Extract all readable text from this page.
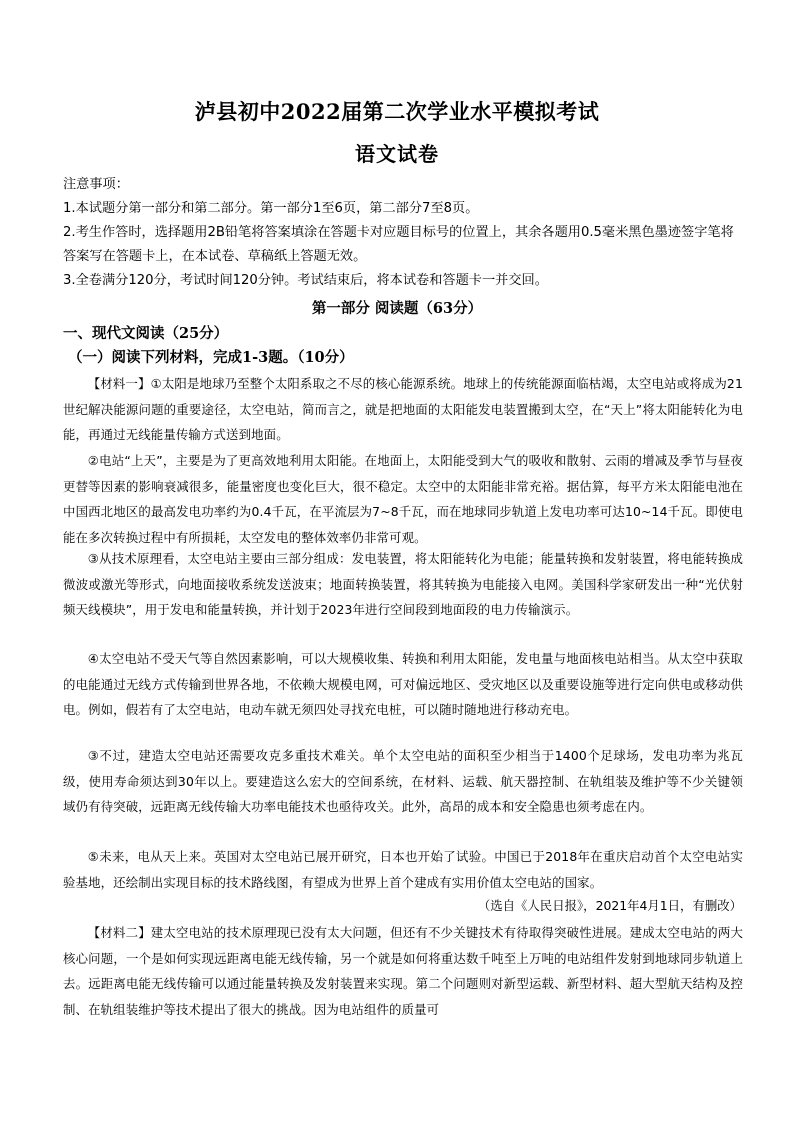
泸县初中2022届第二次学业水平模拟考试
语文试卷

注意事项：

1.本试题分第一部分和第二部分。第一部分1至6页，第二部分7至8页。

2.考生作答时，选择题用2B铅笔将答案填涂在答题卡对应题目标号的位置上，其余各题用0.5毫米黑色墨迹签字笔将答案写在答题卡上，在本试卷、草稿纸上答题无效。

3.全卷满分120分，考试时间120分钟。考试结束后，将本试卷和答题卡一并交回。

第一部分 阅读题（63分）

一、现代文阅读（25分）

（一）阅读下列材料，完成1-3题。（10分）

【材料一】①太阳是地球乃至整个太阳系取之不尽的核心能源系统。地球上的传统能源面临枯竭，太空电站或将成为21世纪解决能源问题的重要途径，太空电站，简而言之，就是把地面的太阳能发电装置搬到太空，在“天上”将太阳能转化为电能，再通过无线能量传输方式送到地面。

②电站“上天”，主要是为了更高效地利用太阳能。在地面上，太阳能受到大气的吸收和散射、云雨的增减及季节与昼夜更替等因素的影响衰减很多，能量密度也变化巨大，很不稳定。太空中的太阳能非常充裕。据估算，每平方米太阳能电池在中国西北地区的最高发电功率约为0.4千瓦，在平流层为7~8千瓦，而在地球同步轨道上发电功率可达10~14千瓦。即使电能在多次转换过程中有所损耗，太空发电的整体效率仍非常可观。

③从技术原理看，太空电站主要由三部分组成：发电装置，将太阳能转化为电能；能量转换和发射装置，将电能转换成微波或激光等形式，向地面接收系统发送波束；地面转换装置，将其转换为电能接入电网。美国科学家研发出一种“光伏射频天线模块”，用于发电和能量转换，并计划于2023年进行空间段到地面段的电力传输演示。

④太空电站不受天气等自然因素影响，可以大规模收集、转换和利用太阳能，发电量与地面核电站相当。从太空中获取的电能通过无线方式传输到世界各地，不依赖大规模电网，可对偏远地区、受灾地区以及重要设施等进行定向供电或移动供电。例如，假若有了太空电站，电动车就无须四处寻找充电桩，可以随时随地进行移动充电。

③不过，建造太空电站还需要攻克多重技术难关。单个太空电站的面积至少相当于1400个足球场，发电功率为兆瓦级，使用寿命须达到30年以上。要建造这么宏大的空间系统，在材料、运载、航天器控制、在轨组装及维护等不少关键领域仍有待突破，远距离无线传输大功率电能技术也亟待攻关。此外，高昂的成本和安全隐患也须考虑在内。

⑤未来，电从天上来。英国对太空电站已展开研究，日本也开始了试验。中国已于2018年在重庆启动首个太空电站实验基地，还绘制出实现目标的技术路线图，有望成为世界上首个建成有实用价值太空电站的国家。

（选自《人民日报》，2021年4月1日，有删改）

【材料二】建太空电站的技术原理现已没有太大问题，但还有不少关键技术有待取得突破性进展。建成太空电站的两大核心问题，一个是如何实现远距离电能无线传输，另一个就是如何将重达数千吨至上万吨的电站组件发射到地球同步轨道上去。远距离电能无线传输可以通过能量转换及发射装置来实现。第二个问题则对新型运载、新型材料、超大型航天结构及控制、在轨组装维护等技术提出了很大的挑战。因为电站组件的质量可
